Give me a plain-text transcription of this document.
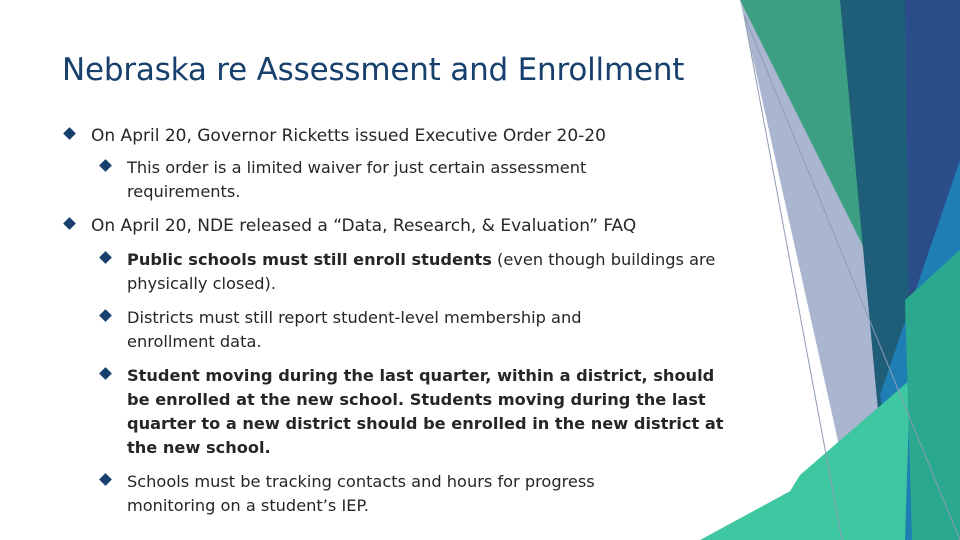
Nebraska re Assessment and Enrollment
On April 20, Governor Ricketts issued Executive Order 20-20
This order is a limited waiver for just certain assessment requirements.
On April 20, NDE released a “Data, Research, & Evaluation” FAQ
Public schools must still enroll students (even though buildings are physically closed).
Districts must still report student-level membership and enrollment data.
Student moving during the last quarter, within a district, should be enrolled at the new school. Students moving during the last quarter to a new district should be enrolled in the new district at the new school.
Schools must be tracking contacts and hours for progress monitoring on a student’s IEP.
